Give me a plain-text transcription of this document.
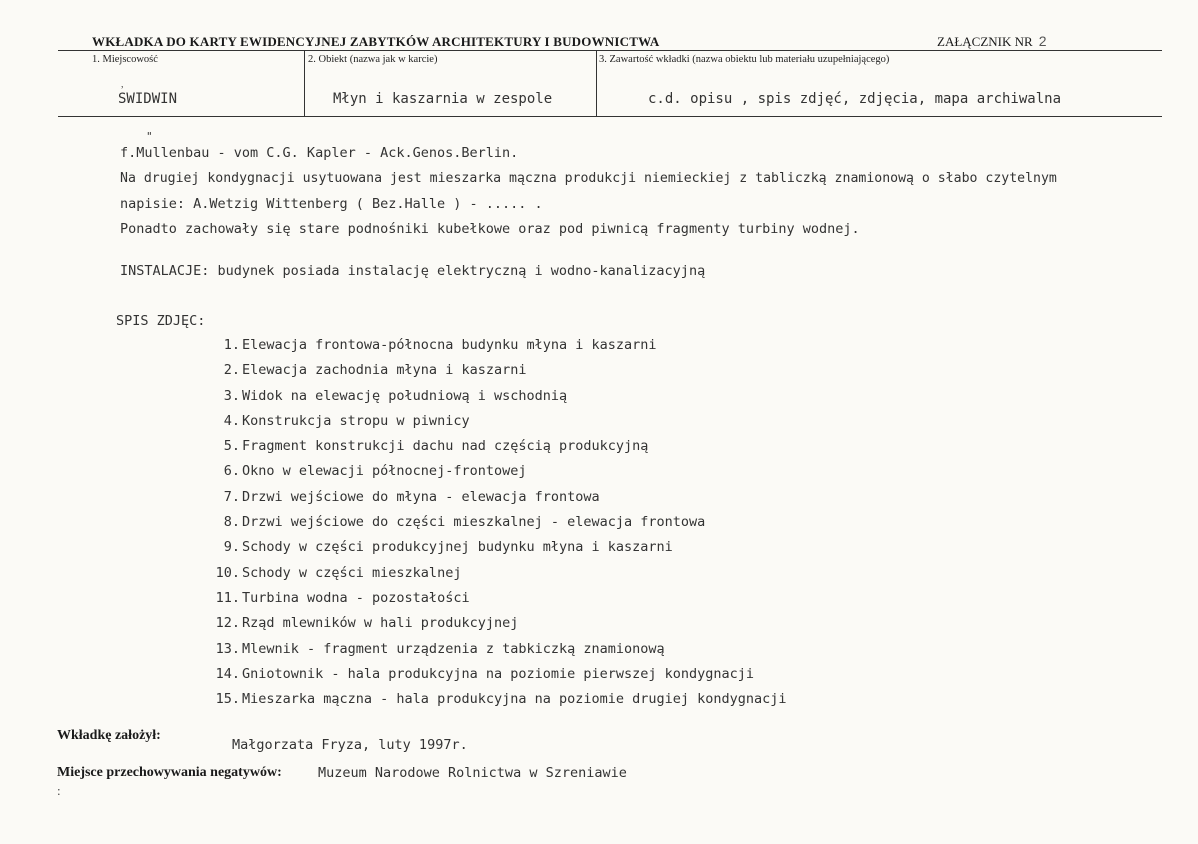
WKŁADKA DO KARTY EWIDENCYJNEJ ZABYTKÓW ARCHITEKTURY I BUDOWNICTWA	ZAŁĄCZNIK NR 2
1. Miejscowość
,
SWIDWIN
2. Obiekt (nazwa jak w karcie)
Młyn i kaszarnia w zespole
3. Zawartość wkładki (nazwa obiektu lub materiału uzupełniającego)
c.d. opisu , spis zdjęć, zdjęcia, mapa archiwalna
"
f.Mullenbau - vom C.G. Kapler - Ack.Genos.Berlin.
Na drugiej kondygnacji usytuowana jest mieszarka mączna produkcji niemieckiej z tabliczką znamionową o słabo czytelnym
napisie: A.Wetzig Wittenberg ( Bez.Halle ) - ..... .
Ponadto zachowały się stare podnośniki kubełkowe oraz pod piwnicą fragmenty turbiny wodnej.
INSTALACJE: budynek posiada instalację elektryczną i wodno-kanalizacyjną
SPIS ZDJĘC:
1. Elewacja frontowa-północna budynku młyna i kaszarni
2. Elewacja zachodnia młyna i kaszarni
3. Widok na elewację południową i wschodnią
4. Konstrukcja stropu w piwnicy
5. Fragment konstrukcji dachu nad częścią produkcyjną
6. Okno w elewacji północnej-frontowej
7. Drzwi wejściowe do młyna - elewacja frontowa
8. Drzwi wejściowe do części mieszkalnej - elewacja frontowa
9. Schody w części produkcyjnej budynku młyna i kaszarni
10. Schody w części mieszkalnej
11. Turbina wodna - pozostałości
12. Rząd mlewników w hali produkcyjnej
13. Mlewnik - fragment urządzenia z tabkiczką znamionową
14. Gniotownik - hala produkcyjna na poziomie pierwszej kondygnacji
15. Mieszarka mączna - hala produkcyjna na poziomie drugiej kondygnacji
Wkładkę założył:
Małgorzata Fryza, luty 1997r.
Miejsce przechowywania negatywów:	Muzeum Narodowe Rolnictwa w Szreniawie
:
